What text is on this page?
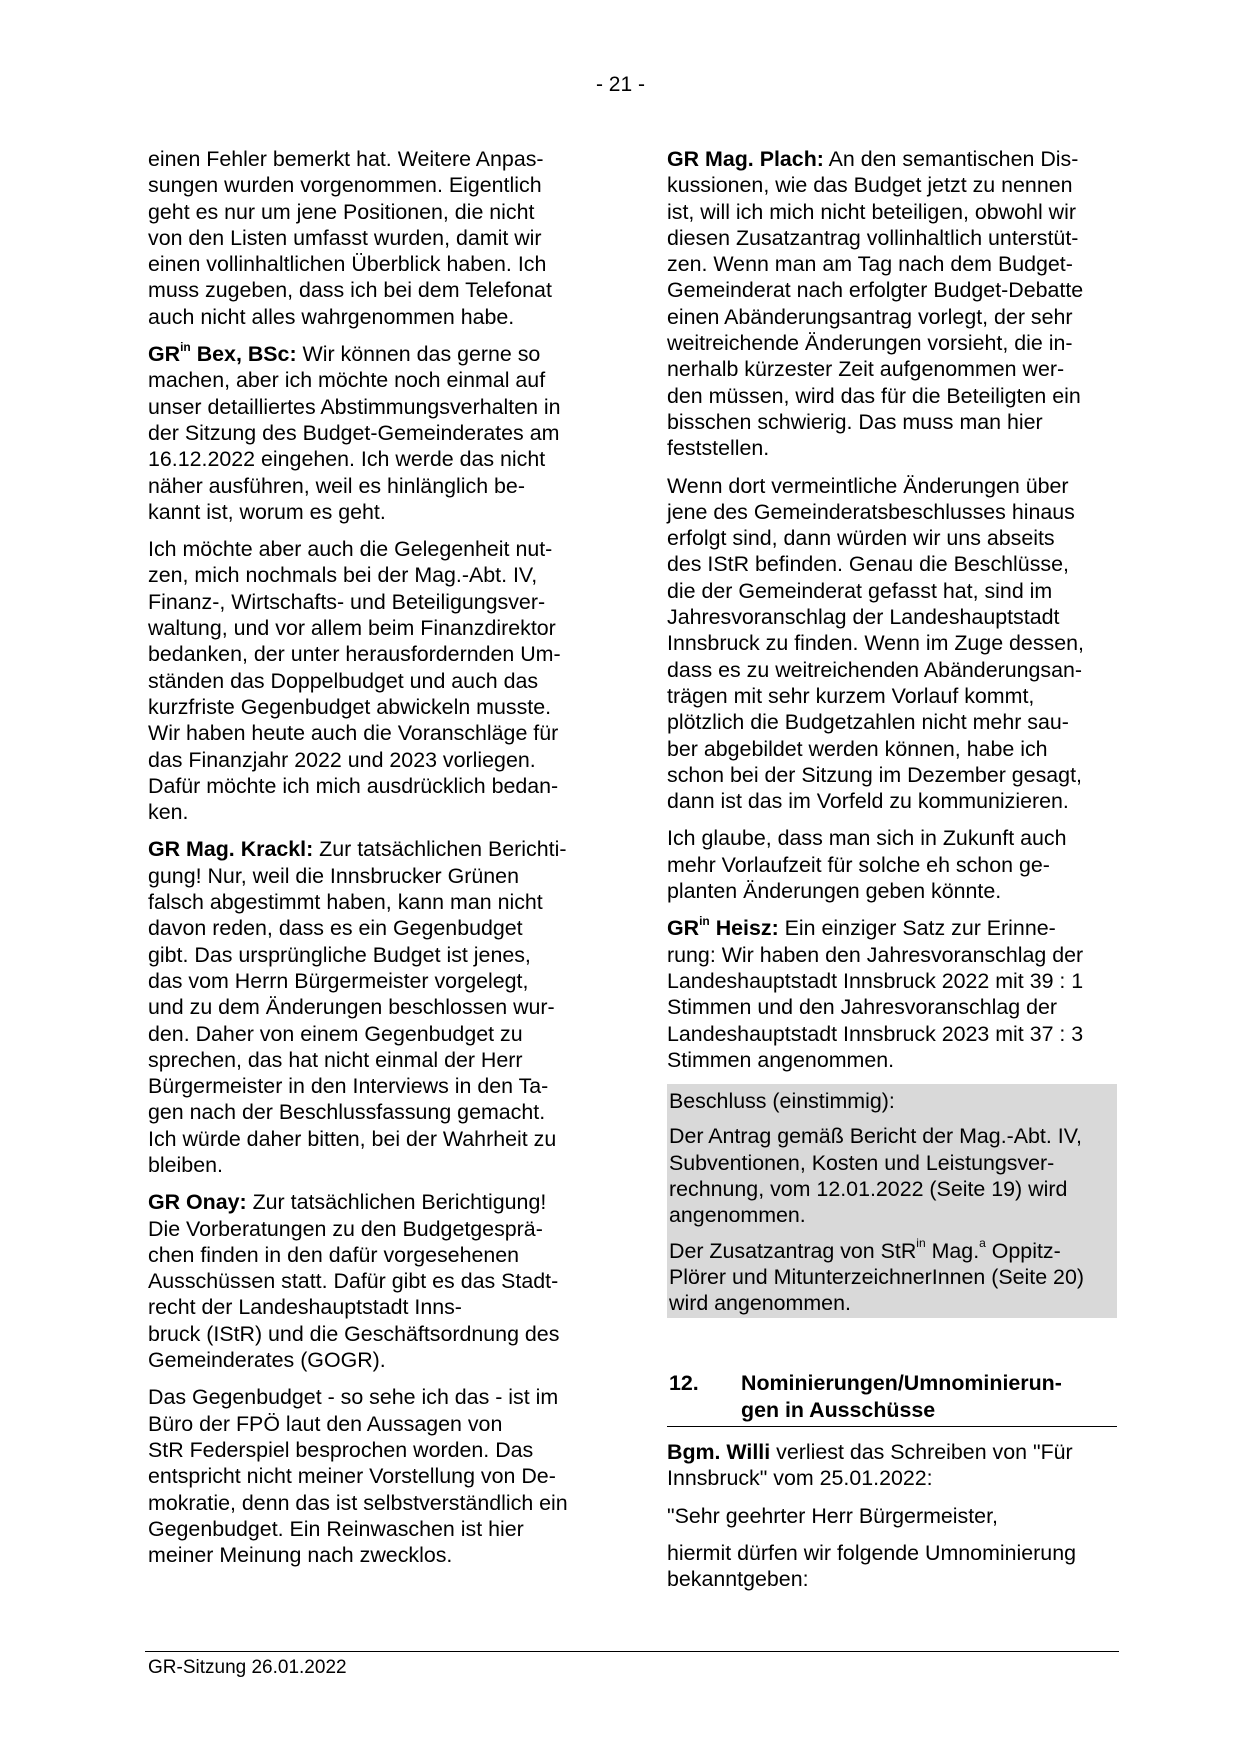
- 21 -

einen Fehler bemerkt hat. Weitere Anpas-
sungen wurden vorgenommen. Eigentlich
geht es nur um jene Positionen, die nicht
von den Listen umfasst wurden, damit wir
einen vollinhaltlichen Überblick haben. Ich
muss zugeben, dass ich bei dem Telefonat
auch nicht alles wahrgenommen habe.

$GR^{in}$ Bex, BSc: Wir können das gerne so
machen, aber ich möchte noch einmal auf
unser detailliertes Abstimmungsverhalten in
der Sitzung des Budget-Gemeinderates am
16.12.2022 eingehen. Ich werde das nicht
näher ausführen, weil es hinlänglich be-
kannt ist, worum es geht.

Ich möchte aber auch die Gelegenheit nut-
zen, mich nochmals bei der Mag.-Abt. IV,
Finanz-, Wirtschafts- und Beteiligungsver-
waltung, und vor allem beim Finanzdirektor
bedanken, der unter herausfordernden Um-
ständen das Doppelbudget und auch das
kurzfriste Gegenbudget abwickeln musste.
Wir haben heute auch die Voranschläge für
das Finanzjahr 2022 und 2023 vorliegen.
Dafür möchte ich mich ausdrücklich bedan-
ken.

GR Mag. Krackl: Zur tatsächlichen Berichti-
gung! Nur, weil die Innsbrucker Grünen
falsch abgestimmt haben, kann man nicht
davon reden, dass es ein Gegenbudget
gibt. Das ursprüngliche Budget ist jenes,
das vom Herrn Bürgermeister vorgelegt,
und zu dem Änderungen beschlossen wur-
den. Daher von einem Gegenbudget zu
sprechen, das hat nicht einmal der Herr
Bürgermeister in den Interviews in den Ta-
gen nach der Beschlussfassung gemacht.
Ich würde daher bitten, bei der Wahrheit zu
bleiben.

GR Onay: Zur tatsächlichen Berichtigung!
Die Vorberatungen zu den Budgetgesprä-
chen finden in den dafür vorgesehenen
Ausschüssen statt. Dafür gibt es das Stadt-
recht der Landeshauptstadt Inns-
bruck (IStR) und die Geschäftsordnung des
Gemeinderates (GOGR).

Das Gegenbudget - so sehe ich das - ist im
Büro der FPÖ laut den Aussagen von
StR Federspiel besprochen worden. Das
entspricht nicht meiner Vorstellung von De-
mokratie, denn das ist selbstverständlich ein
Gegenbudget. Ein Reinwaschen ist hier
meiner Meinung nach zwecklos.

GR Mag. Plach: An den semantischen Dis-
kussionen, wie das Budget jetzt zu nennen
ist, will ich mich nicht beteiligen, obwohl wir
diesen Zusatzantrag vollinhaltlich unterstüt-
zen. Wenn man am Tag nach dem Budget-
Gemeinderat nach erfolgter Budget-Debatte
einen Abänderungsantrag vorlegt, der sehr
weitreichende Änderungen vorsieht, die in-
nerhalb kürzester Zeit aufgenommen wer-
den müssen, wird das für die Beteiligten ein
bisschen schwierig. Das muss man hier
feststellen.

Wenn dort vermeintliche Änderungen über
jene des Gemeinderatsbeschlusses hinaus
erfolgt sind, dann würden wir uns abseits
des IStR befinden. Genau die Beschlüsse,
die der Gemeinderat gefasst hat, sind im
Jahresvoranschlag der Landeshauptstadt
Innsbruck zu finden. Wenn im Zuge dessen,
dass es zu weitreichenden Abänderungsan-
trägen mit sehr kurzem Vorlauf kommt,
plötzlich die Budgetzahlen nicht mehr sau-
ber abgebildet werden können, habe ich
schon bei der Sitzung im Dezember gesagt,
dann ist das im Vorfeld zu kommunizieren.

Ich glaube, dass man sich in Zukunft auch
mehr Vorlaufzeit für solche eh schon ge-
planten Änderungen geben könnte.

$GR^{in}$ Heisz: Ein einziger Satz zur Erinne-
rung: Wir haben den Jahresvoranschlag der
Landeshauptstadt Innsbruck 2022 mit 39 : 1
Stimmen und den Jahresvoranschlag der
Landeshauptstadt Innsbruck 2023 mit 37 : 3
Stimmen angenommen.

Beschluss (einstimmig):

Der Antrag gemäß Bericht der Mag.-Abt. IV,
Subventionen, Kosten und Leistungsver-
rechnung, vom 12.01.2022 (Seite 19) wird
angenommen.

Der Zusatzantrag von StR$^{in}$ Mag.$^a$ Oppitz-
Plörer und MitunterzeichnerInnen (Seite 20)
wird angenommen.

12. Nominierungen/Umnominierun-
gen in Ausschüsse

Bgm. Willi verliest das Schreiben von "Für
Innsbruck" vom 25.01.2022:

"Sehr geehrter Herr Bürgermeister,

hiermit dürfen wir folgende Umnominierung
bekanntgeben:

GR-Sitzung 26.01.2022
